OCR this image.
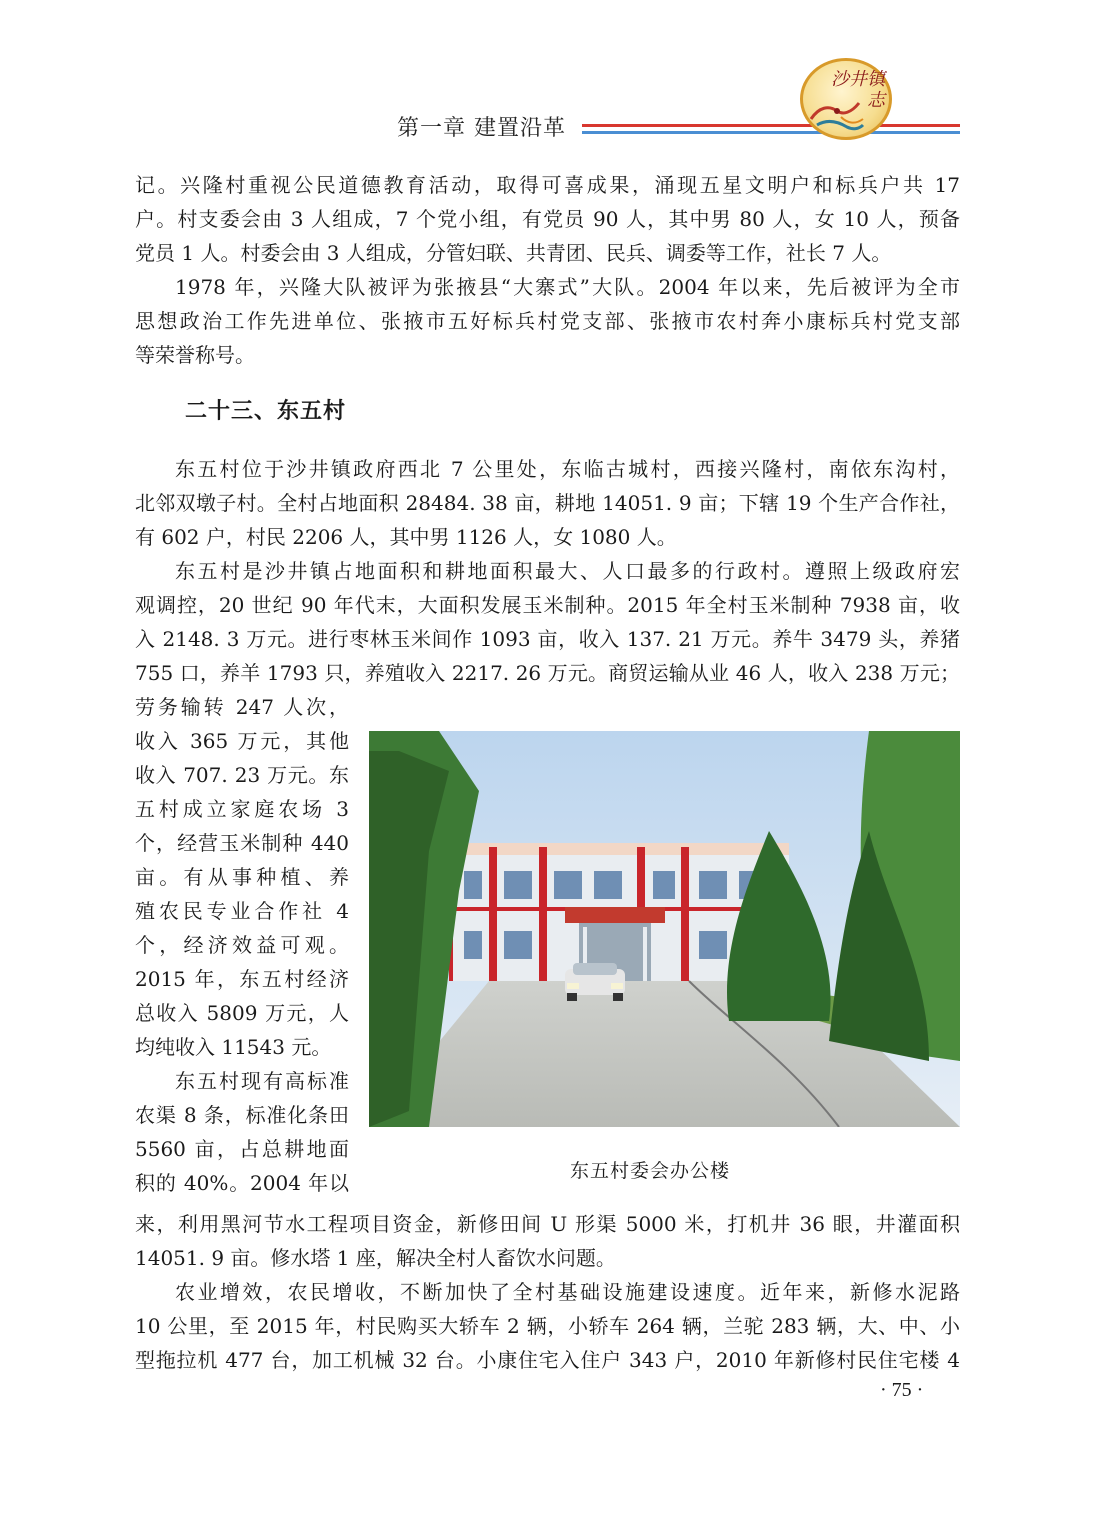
第一章 建置沿革
沙井镇志
记。兴隆村重视公民道德教育活动，取得可喜成果，涌现五星文明户和标兵户共 17
户。村支委会由 3 人组成，7 个党小组，有党员 90 人，其中男 80 人，女 10 人，预备
党员 1 人。村委会由 3 人组成，分管妇联、共青团、民兵、调委等工作，社长 7 人。
1978 年，兴隆大队被评为张掖县“大寨式”大队。2004 年以来，先后被评为全市
思想政治工作先进单位、张掖市五好标兵村党支部、张掖市农村奔小康标兵村党支部
等荣誉称号。
二十三、东五村
东五村位于沙井镇政府西北 7 公里处，东临古城村，西接兴隆村，南依东沟村，
北邻双墩子村。全村占地面积 28484. 38 亩，耕地 14051. 9 亩；下辖 19 个生产合作社，
有 602 户，村民 2206 人，其中男 1126 人，女 1080 人。
东五村是沙井镇占地面积和耕地面积最大、人口最多的行政村。遵照上级政府宏
观调控，20 世纪 90 年代末，大面积发展玉米制种。2015 年全村玉米制种 7938 亩，收
入 2148. 3 万元。进行枣林玉米间作 1093 亩，收入 137. 21 万元。养牛 3479 头，养猪
755 口，养羊 1793 只，养殖收入 2217. 26 万元。商贸运输从业 46 人，收入 238 万元；
劳务输转 247 人次，
收入 365 万元，其他
收入 707. 23 万元。东
五村成立家庭农场 3
个，经营玉米制种 440
亩。有从事种植、养
殖农民专业合作社 4
个，经济效益可观。
2015 年，东五村经济
总收入 5809 万元，人
均纯收入 11543 元。
东五村现有高标准
农渠 8 条，标准化条田
5560 亩，占总耕地面
积的 40%。2004 年以	东五村委会办公楼
来，利用黑河节水工程项目资金，新修田间 U 形渠 5000 米，打机井 36 眼，井灌面积
14051. 9 亩。修水塔 1 座，解决全村人畜饮水问题。
农业增效，农民增收，不断加快了全村基础设施建设速度。近年来，新修水泥路
10 公里，至 2015 年，村民购买大轿车 2 辆，小轿车 264 辆，兰驼 283 辆，大、中、小
型拖拉机 477 台，加工机械 32 台。小康住宅入住户 343 户，2010 年新修村民住宅楼 4
· 75 ·
